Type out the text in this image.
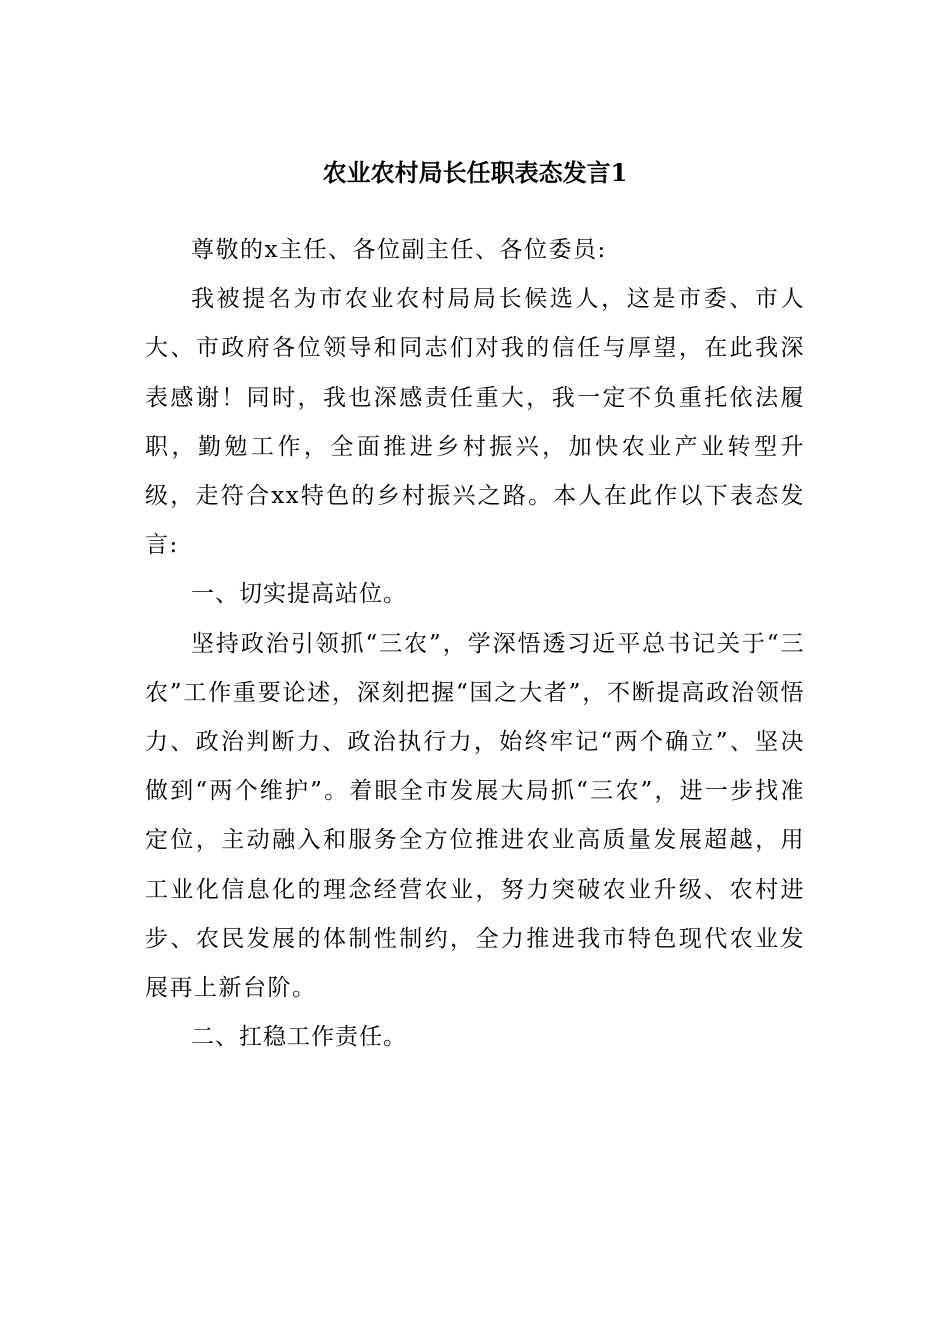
农业农村局长任职表态发言1

尊敬的x主任、各位副主任、各位委员:

我被提名为市农业农村局局长候选人，这是市委、市人大、市政府各位领导和同志们对我的信任与厚望，在此我深表感谢！同时，我也深感责任重大，我一定不负重托依法履职，勤勉工作，全面推进乡村振兴，加快农业产业转型升级，走符合xx特色的乡村振兴之路。本人在此作以下表态发言:

一、切实提高站位。

坚持政治引领抓“三农”，学深悟透习近平总书记关于“三农”工作重要论述，深刻把握“国之大者”，不断提高政治领悟力、政治判断力、政治执行力，始终牢记“两个确立”、坚决做到“两个维护”。着眼全市发展大局抓“三农”，进一步找准定位，主动融入和服务全方位推进农业高质量发展超越，用工业化信息化的理念经营农业，努力突破农业升级、农村进步、农民发展的体制性制约，全力推进我市特色现代农业发展再上新台阶。

二、扛稳工作责任。
